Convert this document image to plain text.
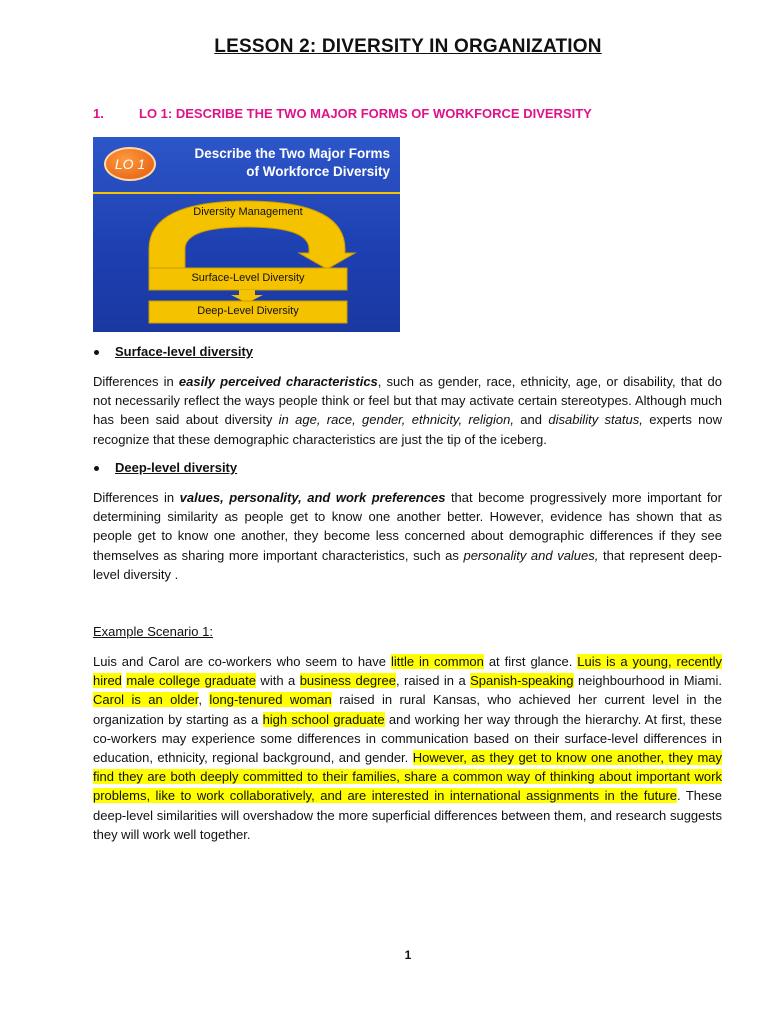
LESSON 2: DIVERSITY IN ORGANIZATION
1.	LO 1: DESCRIBE THE TWO MAJOR FORMS OF WORKFORCE DIVERSITY
LO 1
Describe the Two Major Forms
of Workforce Diversity
Diversity Management
Surface-Level Diversity
Deep-Level Diversity
Surface-level diversity

Differences in easily perceived characteristics, such as gender, race, ethnicity, age, or disability, that do not necessarily reflect the ways people think or feel but that may activate certain stereotypes. Although much has been said about diversity in age, race, gender, ethnicity, religion, and disability status, experts now recognize that these demographic characteristics are just the tip of the iceberg.

Deep-level diversity

Differences in values, personality, and work preferences that become progressively more important for determining similarity as people get to know one another better. However, evidence has shown that as people get to know one another, they become less concerned about demographic differences if they see themselves as sharing more important characteristics, such as personality and values, that represent deep-level diversity .

Example Scenario 1:

Luis and Carol are co-workers who seem to have little in common at first glance. Luis is a young, recently hired male college graduate with a business degree, raised in a Spanish-speaking neighbourhood in Miami. Carol is an older, long-tenured woman raised in rural Kansas, who achieved her current level in the organization by starting as a high school graduate and working her way through the hierarchy. At first, these co-workers may experience some differences in communication based on their surface-level differences in education, ethnicity, regional background, and gender. However, as they get to know one another, they may find they are both deeply committed to their families, share a common way of thinking about important work problems, like to work collaboratively, and are interested in international assignments in the future. These deep-level similarities will overshadow the more superficial differences between them, and research suggests they will work well together.

1
